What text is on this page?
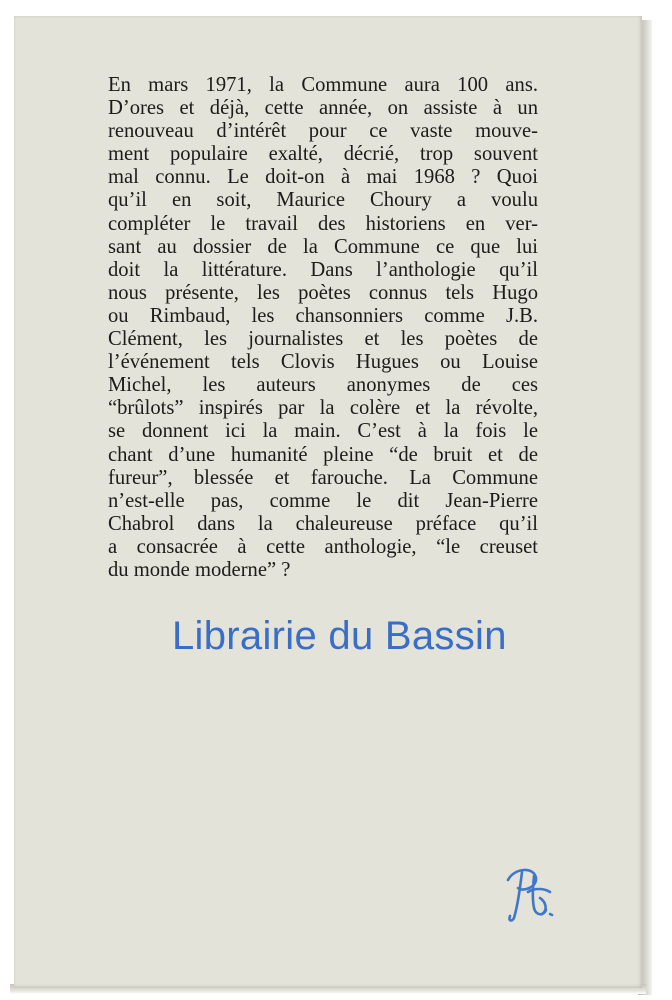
En mars 1971, la Commune aura 100 ans.
D’ores et déjà, cette année, on assiste à un
renouveau d’intérêt pour ce vaste mouve-
ment populaire exalté, décrié, trop souvent
mal connu. Le doit-on à mai 1968 ? Quoi
qu’il en soit, Maurice Choury a voulu
compléter le travail des historiens en ver-
sant au dossier de la Commune ce que lui
doit la littérature. Dans l’anthologie qu’il
nous présente, les poètes connus tels Hugo
ou Rimbaud, les chansonniers comme J.B.
Clément, les journalistes et les poètes de
l’événement tels Clovis Hugues ou Louise
Michel, les auteurs anonymes de ces
“brûlots” inspirés par la colère et la révolte,
se donnent ici la main. C’est à la fois le
chant d’une humanité pleine “de bruit et de
fureur”, blessée et farouche. La Commune
n’est-elle pas, comme le dit Jean-Pierre
Chabrol dans la chaleureuse préface qu’il
a consacrée à cette anthologie, “le creuset
du monde moderne” ?
Librairie du Bassin
